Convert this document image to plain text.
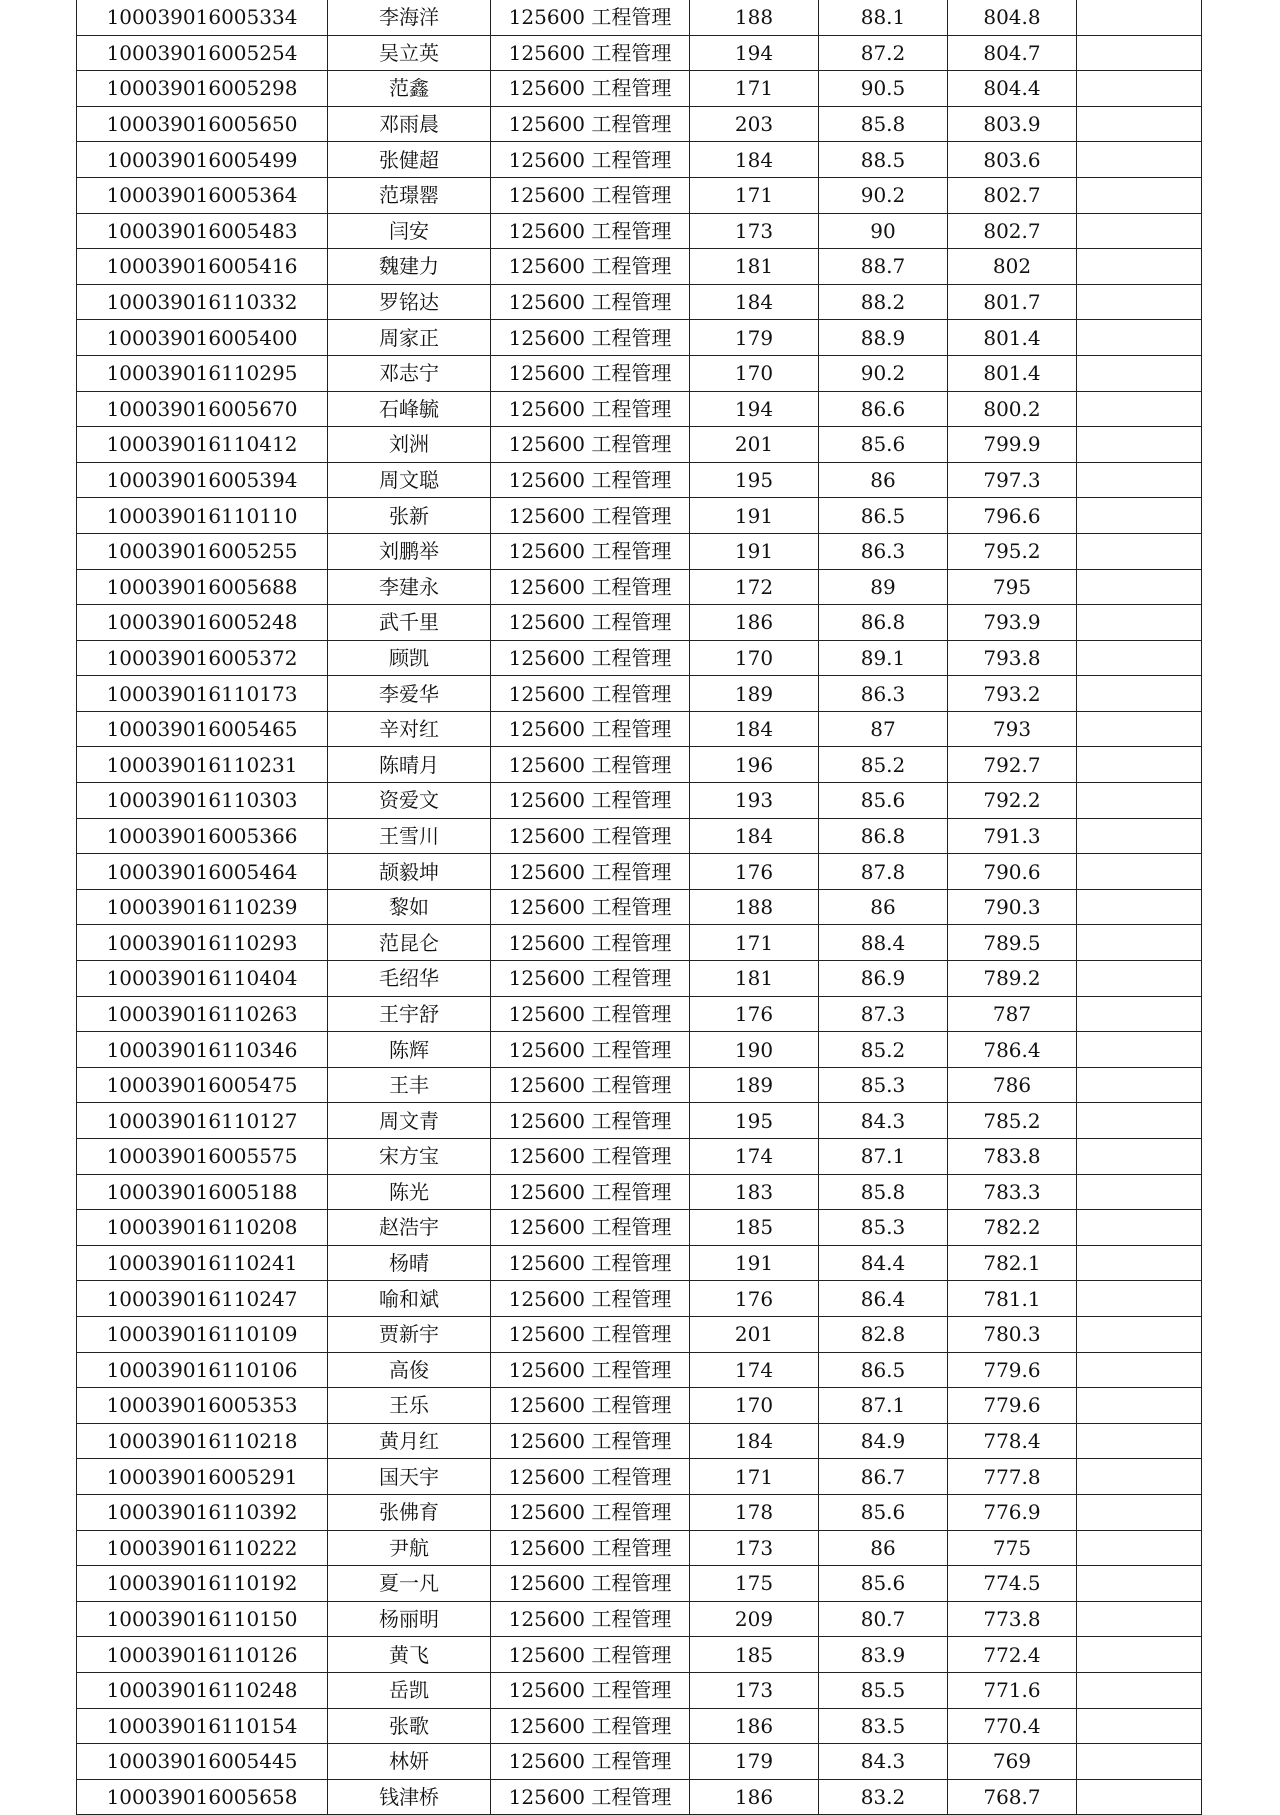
100039016005334	李海洋	125600 工程管理	188	88.1	804.8	
100039016005254	吴立英	125600 工程管理	194	87.2	804.7	
100039016005298	范鑫	125600 工程管理	171	90.5	804.4	
100039016005650	邓雨晨	125600 工程管理	203	85.8	803.9	
100039016005499	张健超	125600 工程管理	184	88.5	803.6	
100039016005364	范璟罂	125600 工程管理	171	90.2	802.7	
100039016005483	闫安	125600 工程管理	173	90	802.7	
100039016005416	魏建力	125600 工程管理	181	88.7	802	
100039016110332	罗铭达	125600 工程管理	184	88.2	801.7	
100039016005400	周家正	125600 工程管理	179	88.9	801.4	
100039016110295	邓志宁	125600 工程管理	170	90.2	801.4	
100039016005670	石峰毓	125600 工程管理	194	86.6	800.2	
100039016110412	刘洲	125600 工程管理	201	85.6	799.9	
100039016005394	周文聪	125600 工程管理	195	86	797.3	
100039016110110	张新	125600 工程管理	191	86.5	796.6	
100039016005255	刘鹏举	125600 工程管理	191	86.3	795.2	
100039016005688	李建永	125600 工程管理	172	89	795	
100039016005248	武千里	125600 工程管理	186	86.8	793.9	
100039016005372	顾凯	125600 工程管理	170	89.1	793.8	
100039016110173	李爱华	125600 工程管理	189	86.3	793.2	
100039016005465	辛对红	125600 工程管理	184	87	793	
100039016110231	陈晴月	125600 工程管理	196	85.2	792.7	
100039016110303	资爱文	125600 工程管理	193	85.6	792.2	
100039016005366	王雪川	125600 工程管理	184	86.8	791.3	
100039016005464	颉毅坤	125600 工程管理	176	87.8	790.6	
100039016110239	黎如	125600 工程管理	188	86	790.3	
100039016110293	范昆仑	125600 工程管理	171	88.4	789.5	
100039016110404	毛绍华	125600 工程管理	181	86.9	789.2	
100039016110263	王宇舒	125600 工程管理	176	87.3	787	
100039016110346	陈辉	125600 工程管理	190	85.2	786.4	
100039016005475	王丰	125600 工程管理	189	85.3	786	
100039016110127	周文青	125600 工程管理	195	84.3	785.2	
100039016005575	宋方宝	125600 工程管理	174	87.1	783.8	
100039016005188	陈光	125600 工程管理	183	85.8	783.3	
100039016110208	赵浩宇	125600 工程管理	185	85.3	782.2	
100039016110241	杨晴	125600 工程管理	191	84.4	782.1	
100039016110247	喻和斌	125600 工程管理	176	86.4	781.1	
100039016110109	贾新宇	125600 工程管理	201	82.8	780.3	
100039016110106	高俊	125600 工程管理	174	86.5	779.6	
100039016005353	王乐	125600 工程管理	170	87.1	779.6	
100039016110218	黄月红	125600 工程管理	184	84.9	778.4	
100039016005291	国天宇	125600 工程管理	171	86.7	777.8	
100039016110392	张佛育	125600 工程管理	178	85.6	776.9	
100039016110222	尹航	125600 工程管理	173	86	775	
100039016110192	夏一凡	125600 工程管理	175	85.6	774.5	
100039016110150	杨丽明	125600 工程管理	209	80.7	773.8	
100039016110126	黄飞	125600 工程管理	185	83.9	772.4	
100039016110248	岳凯	125600 工程管理	173	85.5	771.6	
100039016110154	张歌	125600 工程管理	186	83.5	770.4	
100039016005445	林妍	125600 工程管理	179	84.3	769	
100039016005658	钱津桥	125600 工程管理	186	83.2	768.7	
